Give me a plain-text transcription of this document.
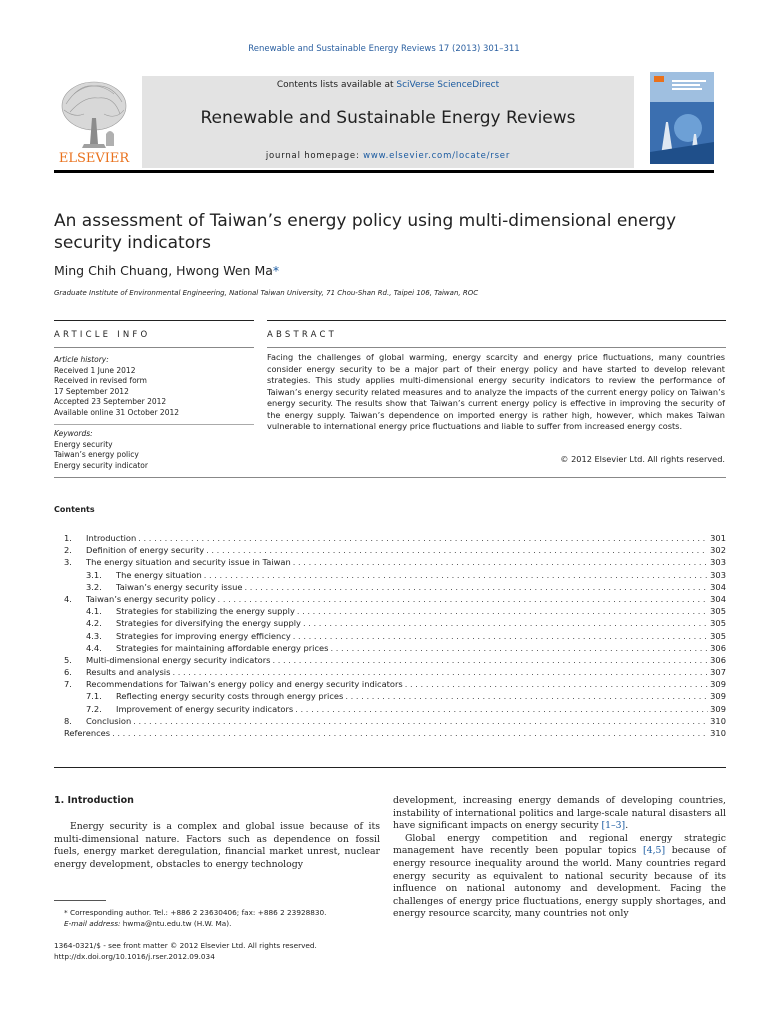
Renewable and Sustainable Energy Reviews 17 (2013) 301–311
ELSEVIER
Contents lists available at SciVerse ScienceDirect
Renewable and Sustainable Energy Reviews
journal homepage: www.elsevier.com/locate/rser
An assessment of Taiwan’s energy policy using multi-dimensional energy security indicators
Ming Chih Chuang, Hwong Wen Ma*
Graduate Institute of Environmental Engineering, National Taiwan University, 71 Chou-Shan Rd., Taipei 106, Taiwan, ROC
ARTICLE INFO	ABSTRACT
Article history:
Received 1 June 2012
Received in revised form
17 September 2012
Accepted 23 September 2012
Available online 31 October 2012
Keywords:
Energy security
Taiwan’s energy policy
Energy security indicator
Facing the challenges of global warming, energy scarcity and energy price fluctuations, many countries consider energy security to be a major part of their energy policy and have started to develop relevant strategies. This study applies multi-dimensional energy security indicators to review the performance of Taiwan’s energy security related measures and to analyze the impacts of the current energy policy on Taiwan’s energy security. The results show that Taiwan’s current energy policy is effective in improving the security of the energy supply. Taiwan’s dependence on imported energy is rather high, however, which makes Taiwan vulnerable to international energy price fluctuations and liable to suffer from increased energy costs.
© 2012 Elsevier Ltd. All rights reserved.
Contents
1.	Introduction . . .	301
2.	Definition of energy security . . .	302
3.	The energy situation and security issue in Taiwan . . .	303
3.1.	The energy situation . . .	303
3.2.	Taiwan’s energy security issue . . .	304
4.	Taiwan’s energy security policy . . .	304
4.1.	Strategies for stabilizing the energy supply . . .	305
4.2.	Strategies for diversifying the energy supply . . .	305
4.3.	Strategies for improving energy efficiency . . .	305
4.4.	Strategies for maintaining affordable energy prices . . .	306
5.	Multi-dimensional energy security indicators . . .	306
6.	Results and analysis . . .	307
7.	Recommendations for Taiwan’s energy policy and energy security indicators . . .	309
7.1.	Reflecting energy security costs through energy prices . . .	309
7.2.	Improvement of energy security indicators . . .	309
8.	Conclusion . . .	310
References . . .	310
1. Introduction
Energy security is a complex and global issue because of its multi-dimensional nature. Factors such as dependence on fossil fuels, energy market deregulation, financial market unrest, nuclear energy development, obstacles to energy technology
development, increasing energy demands of developing countries, instability of international politics and large-scale natural disasters all have significant impacts on energy security [1–3].
Global energy competition and regional energy strategic management have recently been popular topics [4,5] because of energy resource inequality around the world. Many countries regard energy security as equivalent to national security because of its influence on national autonomy and development. Facing the challenges of energy price fluctuations, energy supply shortages, and energy resource scarcity, many countries not only
* Corresponding author. Tel.: +886 2 23630406; fax: +886 2 23928830.
E-mail address: hwma@ntu.edu.tw (H.W. Ma).
1364-0321/$ - see front matter © 2012 Elsevier Ltd. All rights reserved.
http://dx.doi.org/10.1016/j.rser.2012.09.034
